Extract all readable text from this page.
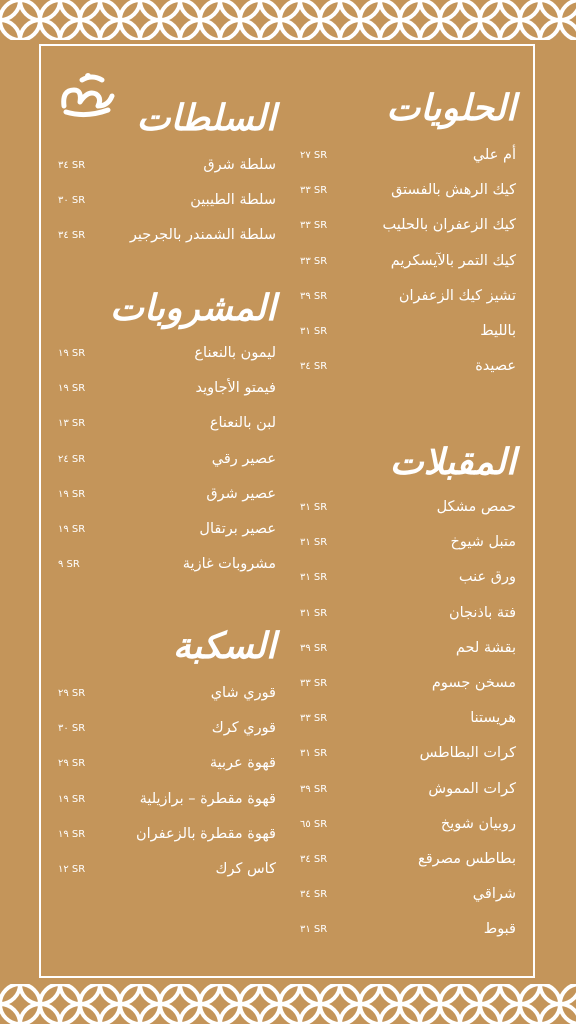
الحلويات
أم علي
٢٧ SR
كيك الرهش بالفستق
٣٣ SR
كيك الزعفران بالحليب
٣٣ SR
كيك التمر بالآيسكريم
٣٣ SR
تشيز كيك الزعفران
٣٩ SR
بالليط
٣١ SR
عصيدة
٣٤ SR
المقبلات
حمص مشكل
٣١ SR
متبل شيوخ
٣١ SR
ورق عنب
٣١ SR
فتة باذنجان
٣١ SR
بقشة لحم
٣٩ SR
مسخن جسوم
٣٣ SR
هريستنا
٣٣ SR
كرات البطاطس
٣١ SR
كرات المموش
٣٩ SR
روبيان شويخ
٦٥ SR
بطاطس مصرقع
٣٤ SR
شراقي
٣٤ SR
قبوط
٣١ SR
السلطات
سلطة شرق
٣٤ SR
سلطة الطيبين
٣٠ SR
سلطة الشمندر بالجرجير
٣٤ SR
المشروبات
ليمون بالنعناع
١٩ SR
فيمتو الأجاويد
١٩ SR
لبن بالنعناع
١٣ SR
عصير رقي
٢٤ SR
عصير شرق
١٩ SR
عصير برتقال
١٩ SR
مشروبات غازية
٩ SR
السكبة
قوري شاي
٢٩ SR
قوري كرك
٣٠ SR
قهوة عربية
٢٩ SR
قهوة مقطرة – برازيلية
١٩ SR
قهوة مقطرة بالزعفران
١٩ SR
كاس كرك
١٢ SR
